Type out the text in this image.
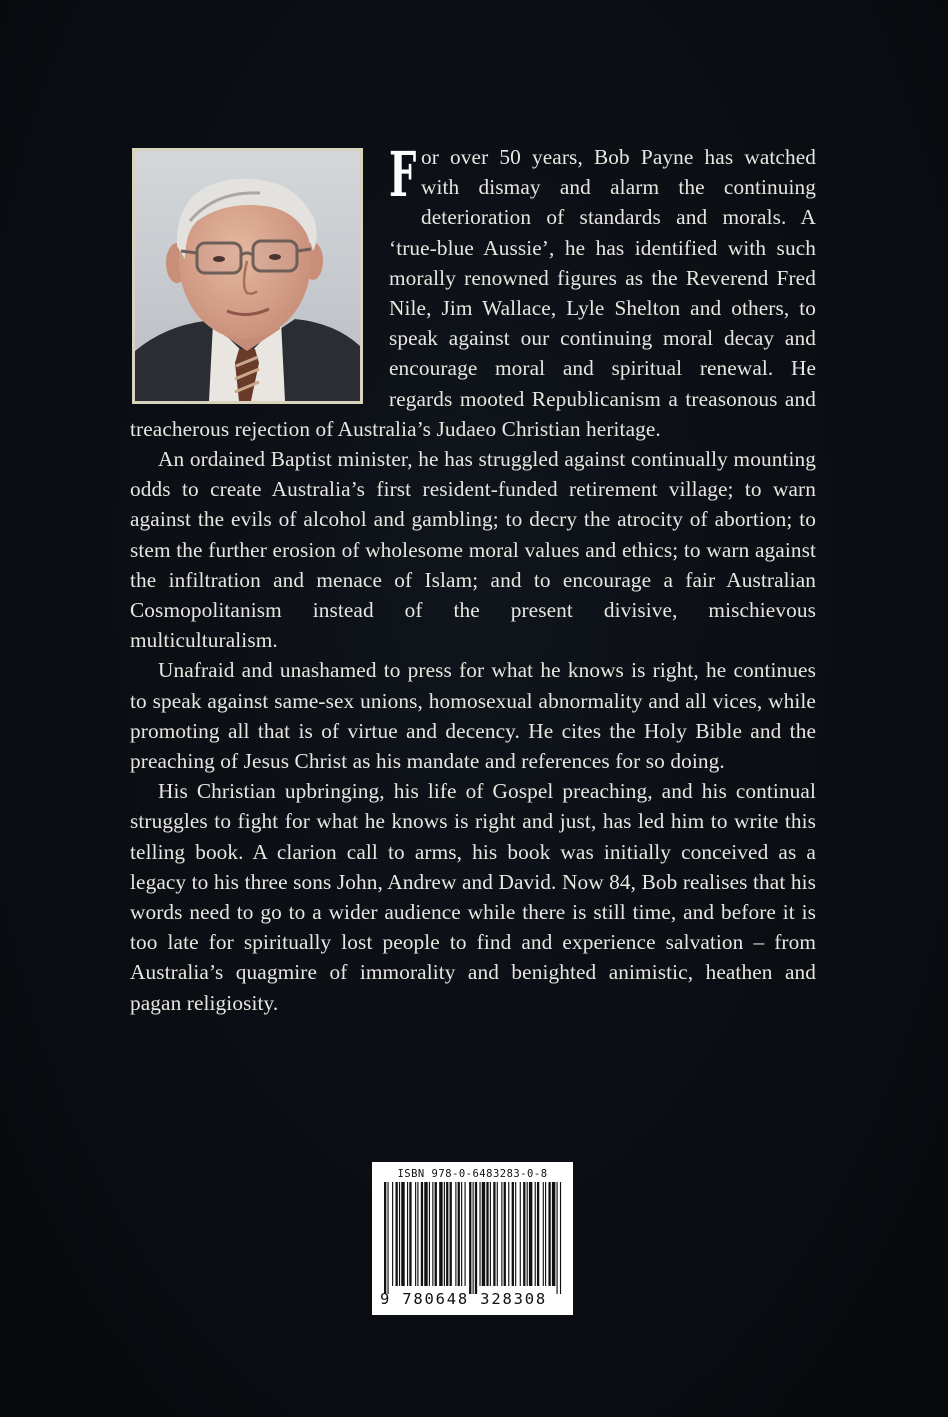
F or over 50 years, Bob Payne has watched with dismay and alarm the continuing deterioration of standards and morals. A ‘true-blue Aussie’, he has identified with such morally renowned figures as the Reverend Fred Nile, Jim Wallace, Lyle Shelton and others, to speak against our continuing moral decay and encourage moral and spiritual renewal. He regards mooted Republicanism a treasonous and treacherous rejection of Australia’s Judaeo Christian heritage.

An ordained Baptist minister, he has struggled against continually mounting odds to create Australia’s first resident-funded retirement village; to warn against the evils of alcohol and gambling; to decry the atrocity of abortion; to stem the further erosion of wholesome moral values and ethics; to warn against the infiltration and menace of Islam; and to encourage a fair Australian Cosmopolitanism instead of the present divisive, mischievous multiculturalism.

Unafraid and unashamed to press for what he knows is right, he continues to speak against same-sex unions, homosexual abnormality and all vices, while promoting all that is of virtue and decency. He cites the Holy Bible and the preaching of Jesus Christ as his mandate and references for so doing.

His Christian upbringing, his life of Gospel preaching, and his continual struggles to fight for what he knows is right and just, has led him to write this telling book. A clarion call to arms, his book was initially conceived as a legacy to his three sons John, Andrew and David. Now 84, Bob realises that his words need to go to a wider audience while there is still time, and before it is too late for spiritually lost people to find and experience salvation – from Australia’s quagmire of immorality and benighted animistic, heathen and pagan religiosity.

ISBN 978-0-6483283-0-8
9 780648 328308
